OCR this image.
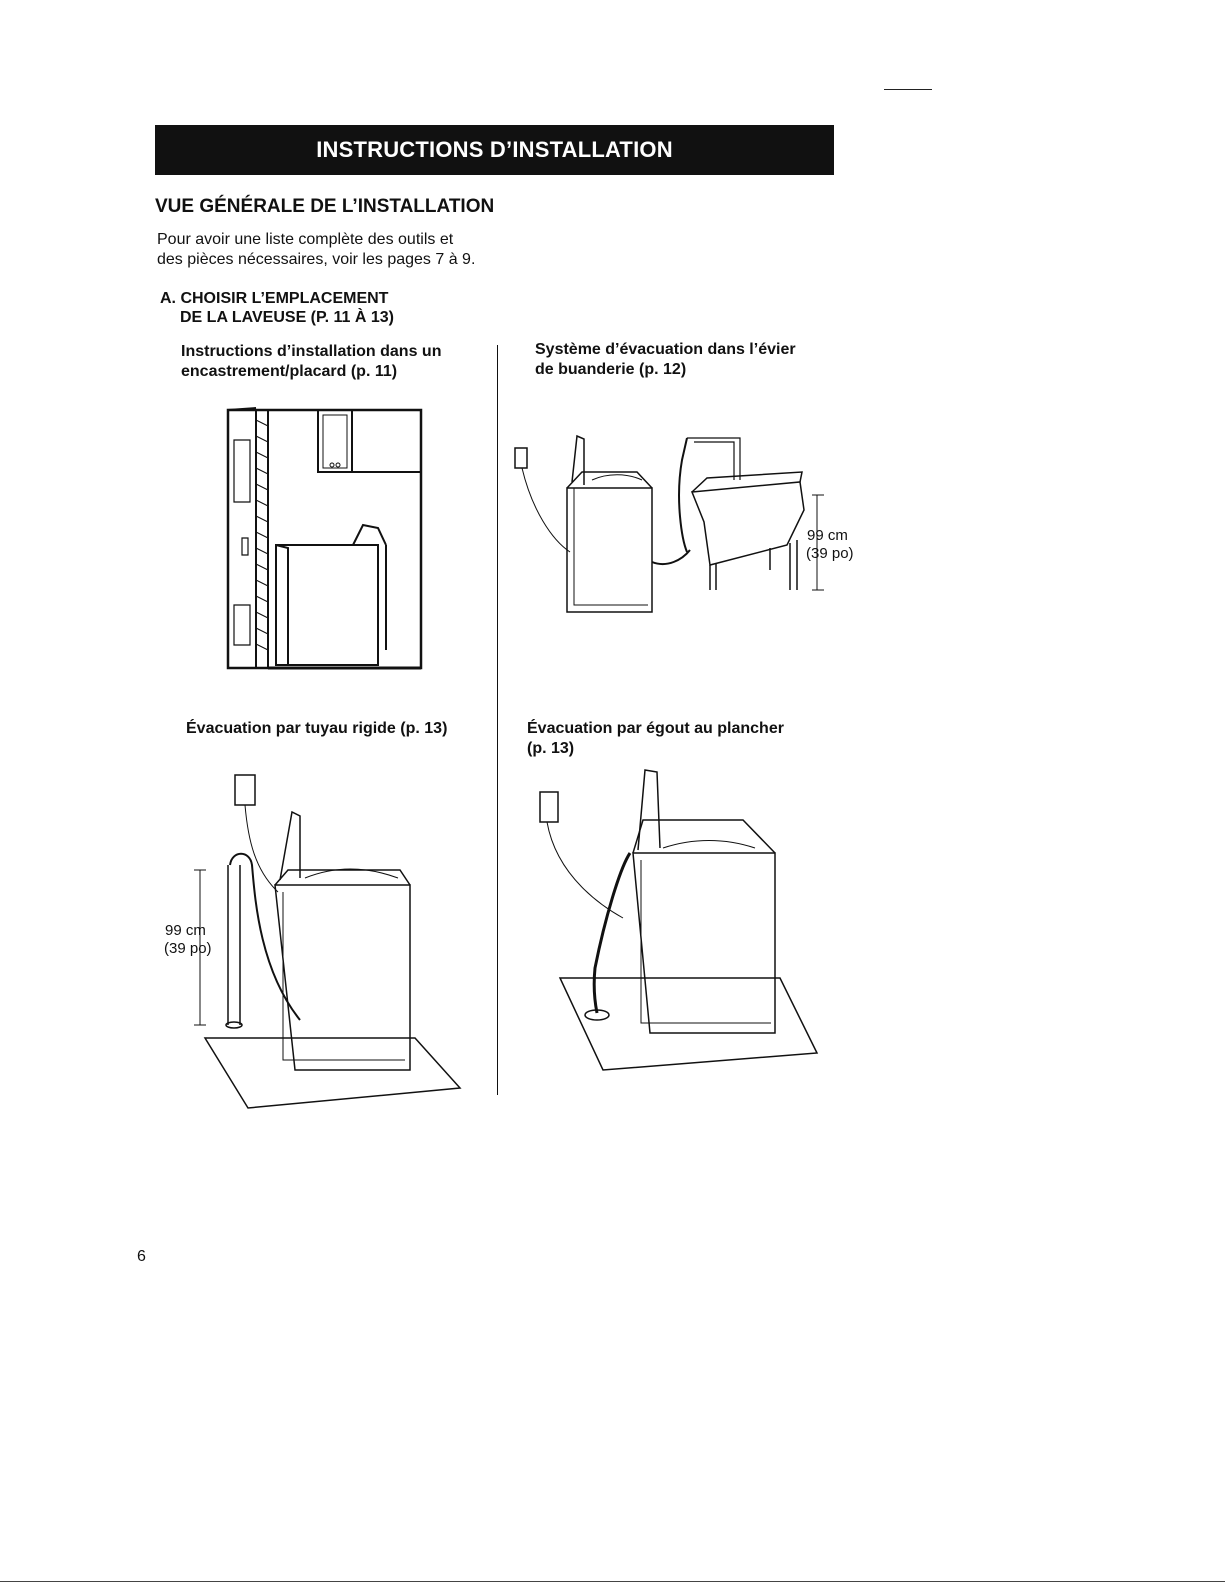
INSTRUCTIONS D’INSTALLATION
VUE GÉNÉRALE DE L’INSTALLATION
Pour avoir une liste complète des outils et
des pièces nécessaires, voir les pages 7 à 9.
A. CHOISIR L’EMPLACEMENT
DE LA LAVEUSE (P. 11 À 13)
Instructions d’installation dans un
encastrement/placard (p. 11)
Système d’évacuation dans l’évier
de buanderie (p. 12)
99 cm
(39 po)
Évacuation par tuyau rigide (p. 13)	Évacuation par égout au plancher
(p. 13)
99 cm
(39 po)
6
